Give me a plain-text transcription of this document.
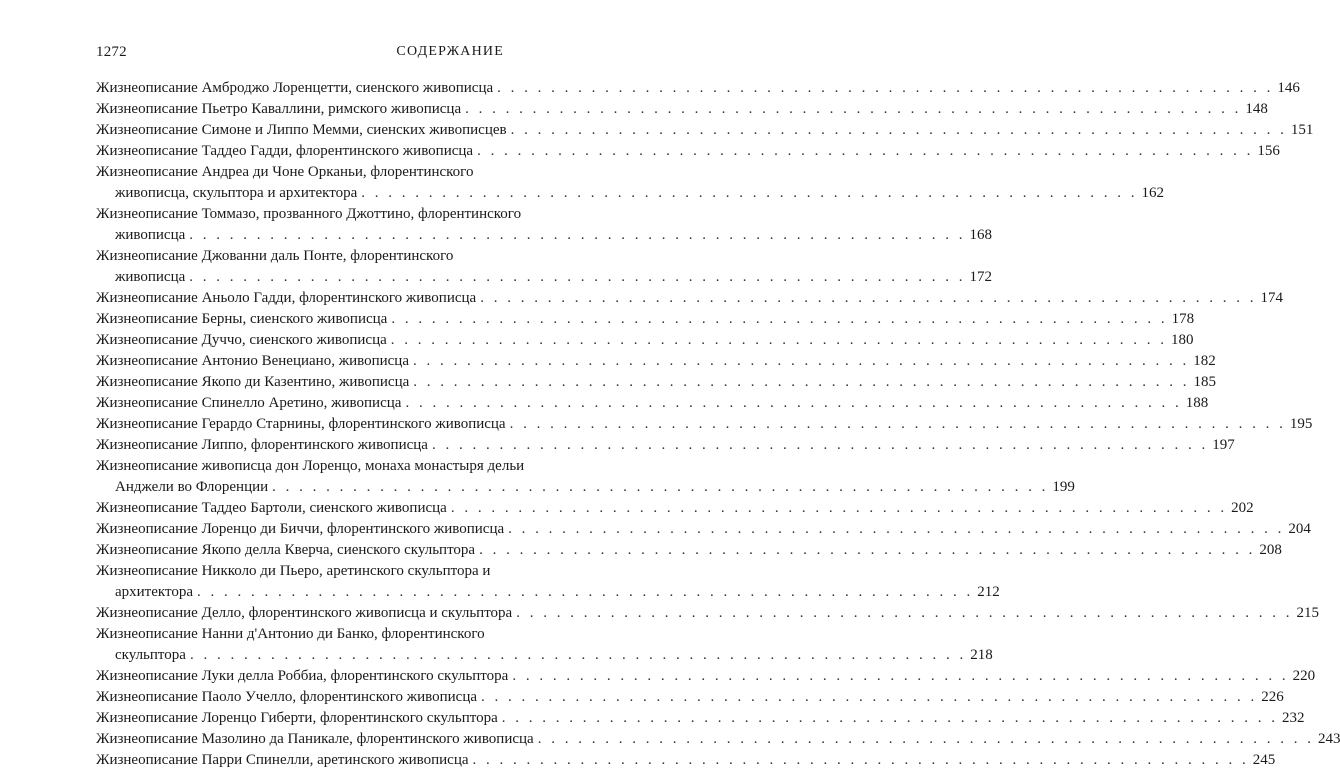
1272	СОДЕРЖАНИЕ
Жизнеописание Амброджо Лоренцетти, сиенского живописца . . .	146
Жизнеописание Пьетро Каваллини, римского живописца . . .	148
Жизнеописание Симоне и Липпо Мемми, сиенских живописцев . . .	151
Жизнеописание Таддео Гадди, флорентинского живописца . . .	156
Жизнеописание Андреа ди Чоне Орканьи, флорентинского
живописца, скульптора и архитектора . . .	162
Жизнеописание Томмазо, прозванного Джоттино, флорентинского
живописца . . .	168
Жизнеописание Джованни даль Понте, флорентинского
живописца . . .	172
Жизнеописание Аньоло Гадди, флорентинского живописца . . .	174
Жизнеописание Берны, сиенского живописца . . .	178
Жизнеописание Дуччо, сиенского живописца . . .	180
Жизнеописание Антонио Венециано, живописца . . .	182
Жизнеописание Якопо ди Казентино, живописца . . .	185
Жизнеописание Спинелло Аретино, живописца . . .	188
Жизнеописание Герардо Старнины, флорентинского живописца . . .	195
Жизнеописание Липпо, флорентинского живописца . . .	197
Жизнеописание живописца дон Лоренцо, монаха монастыря дельи
Анджели во Флоренции . . .	199
Жизнеописание Таддео Бартоли, сиенского живописца . . .	202
Жизнеописание Лоренцо ди Биччи, флорентинского живописца . . .	204
Жизнеописание Якопо делла Кверча, сиенского скульптора . . .	208
Жизнеописание Никколо ди Пьеро, аретинского скульптора и
архитектора . . .	212
Жизнеописание Делло, флорентинского живописца и скульптора . . .	215
Жизнеописание Нанни д'Антонио ди Банко, флорентинского
скульптора . . .	218
Жизнеописание Луки делла Роббиа, флорентинского скульптора . . .	220
Жизнеописание Паоло Учелло, флорентинского живописца . . .	226
Жизнеописание Лоренцо Гиберти, флорентинского скульптора . . .	232
Жизнеописание Мазолино да Паникале, флорентинского живописца . . .	243
Жизнеописание Парри Спинелли, аретинского живописца . . .	245
